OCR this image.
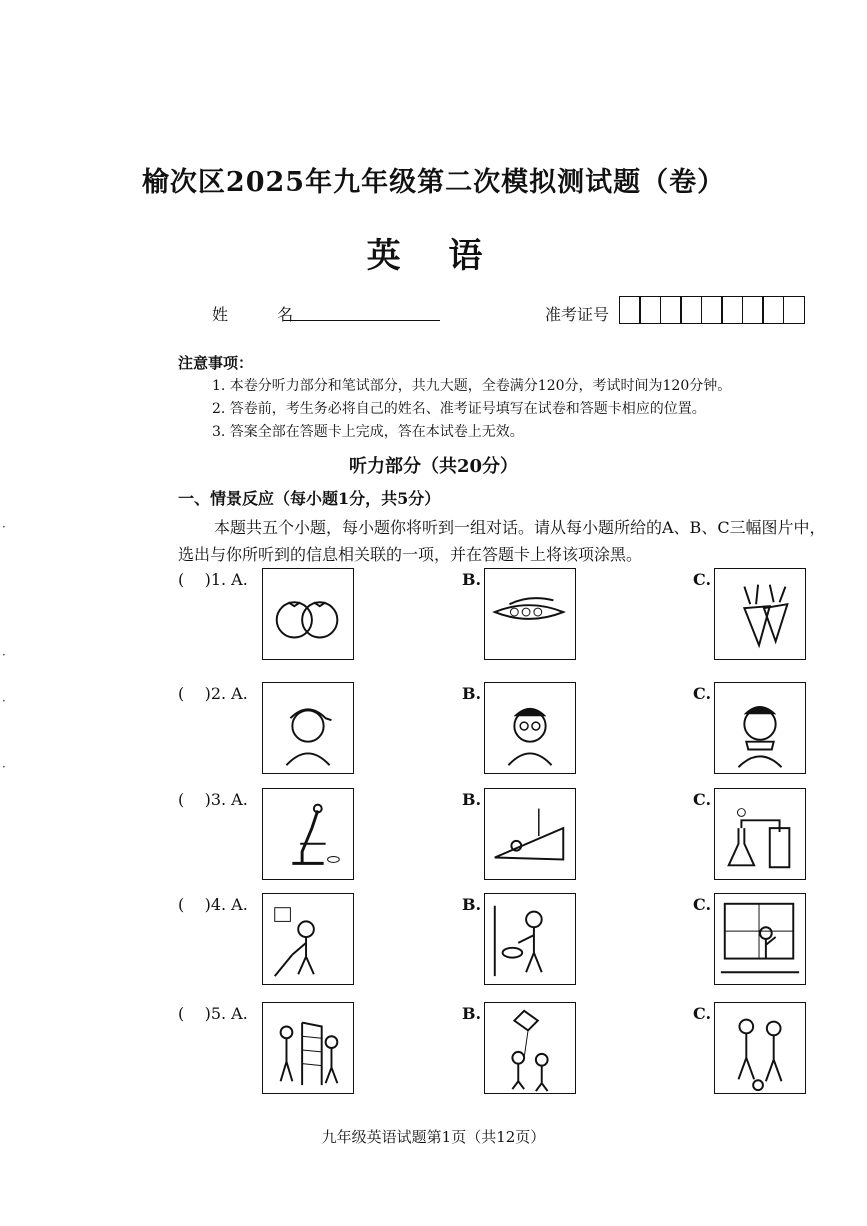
榆次区2025年九年级第二次模拟测试题（卷）
英 语
姓 名	准考证号
注意事项：
1. 本卷分听力部分和笔试部分，共九大题，全卷满分120分，考试时间为120分钟。
2. 答卷前，考生务必将自己的姓名、准考证号填写在试卷和答题卡相应的位置。
3. 答案全部在答题卡上完成，答在本试卷上无效。
听力部分（共20分）
一、情景反应（每小题1分，共5分）
本题共五个小题，每小题你将听到一组对话。请从每小题所给的A、B、C三幅图片中，选出与你所听到的信息相关联的一项，并在答题卡上将该项涂黑。
(    )1. A.	B.	C.
(    )2. A.	B.	C.
(    )3. A.	B.	C.
(    )4. A.	B.	C.
(    )5. A.	B.	C.
九年级英语试题第1页（共12页）
·
·
·
·
